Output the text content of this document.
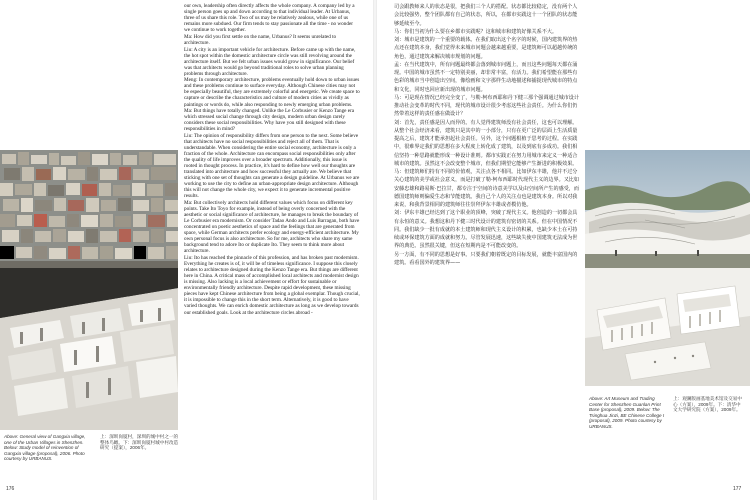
our own, leadership often directly affects the whole company. A company led by a single person goes up and down according to that individual leader. At Urbanus, three of us share this role. Two of us may be relatively zealous, while one of us remains more subdued. Our firm tends to stay passionate all the time - no wonder we continue to work together.

Ma: How did you first settle on the name, Urbanus? It seems unrelated to architecture.

Liu: A city is an important vehicle for architecture. Before came up with the name, the hot spot within the domestic architecture circle was still revolving around the architecture itself. But we felt urban issues would grow in significance. Our belief was that architects would go beyond traditional roles to solve urban planning problems through architecture.

Meng: In contemporary architecture, problems eventually hold down to urban issues and these problems continue to surface everyday. Although Chinese cities may not be especially beautiful, they are extremely colorful and energetic. We create space to capture or describe the characteristics and culture of modern cities as vividly as paintings or words do, while also responding to newly emerging urban problems.

Ma: But things have totally changed. Unlike the Le Corbusier or Kenzo Tange era which stressed social change through city design, modern urban design rarely considers these social responsibilities. Why have you still designed with these responsibilities in mind?

Liu: The opinion of responsibility differs from one person to the next. Some believe that architects have no social responsibilities and reject all of them. That is understandable. When considering the entire social economy, architecture is only a fraction of the whole. Architecture can encompass social responsibilities only after the quality of life improves over a broader spectrum. Additionally, this issue is rooted in thought process. In practice, it's hard to define how well our thoughts are translated into architecture and how successful they actually are. We believe that sticking with one set of thoughts can generate a design guideline. At Urbanus we are working to use the city to define an urban-appropriate design architecture. Although this will not change the whole city, we expect it to generate incremental positive results.

Ma: But collectively architects hold different values which focus on different key points. Take Ito Toyo for example, instead of being overly concerned with the aesthetic or social significance of architecture, he manages to break the boundary of Le Corbusier era modernism. Or consider Tadao Ando and Luis Barragan, both have concentrated on poetic aesthetics of space and the feelings that are generated from space, while German architects prefer ecology and energy-efficient architecture. My own personal focus is also architecture. So for me, architects who share my same background tend to adore Ito or duplicate Ito. They seem to think more about architecture.

Liu: Ito has reached the pinnacle of this profession, and has broken past modernism. Everything he creates is of, it will be of timeless significance. I suppose this closely relates to architecture designed during the Kenzo Tange era. But things are different here in China. A critical mass of accomplished local architects and modernist design is missing. Also lacking is a local achievement or effort for sustainable or environmentally friendly architecture. Despite rapid development, these missing pieces have kept Chinese architecture from being a global exemplar. Though crucial, it is impossible to change this in the short term. Alternatively, it is good to have varied thoughts. We can enrich domestic architecture as long as we develop towards our established goals. Look at the architecture circles abroad -

Above: General view of Gangxia village, one of the Urban Villages in Shenzhen. Below: Study model of reinvention of Gangxia village (proposal), 2006. Photo courtesy by URBANUS.
上：深圳岗厦村，深圳的城中村之一的整体鸟瞰。下：深圳岗厦村城中村改造研究（提案），2006年。
176

司会跟教师来人的状态是很，把我们三个人的搭配。状态都比较稳定，没有两个人会比较强势，整个团队都有自己的状态，所以，在都市实践这十一个团队的状态能够延续至今。

马：你们当初为什么要在乡都市实践呢？这和城市和建筑好像关系不大。

刘：城市是建筑的一个重要的载体。在我们取出这个名字的时候，国内建筑界的热点还在建筑本身，我们觉得未来城市问题会越来越重要，是建筑师可以超越传统的角色，通过建筑来解决城市规划的问题。

孟：在当代建筑中，所有问题最终都会落到城市问题上，而且这些问题每天都在涌现。中国的城市虽然不一定特别美丽，却非常丰富，有活力。我们希望能在那些有色彩的城市当中创造出空间，像绘画和文字那样生动地描述和捕捉现代城市的特点和文化，同时也回应新出现的城市问题。

马：可是现在情况已经完全变了，与勒·柯布西耶和丹下健三那个强调通过城市设计推动社会变革的时代不同，现代的城市设计很少考虑这些社会责任。为什么你们仍然带着这样的责任感在做设计？

刘：首先，责任感是因人而异的。有人觉得建筑师没有社会责任，这也可以理解。从整个社会经济来看，建筑只是其中的一小部分，只有在更广泛的层面上生活质量提高之后，建筑才能承担起社会责任。另外，这个问题根植于思考的过程。在实践中，很难界定我们的思想在多大程度上转化成了建筑，以及到底有多成功。我们相信坚持一种思路就能形成一种设计准则。都市实践正在努力用城市来定义一种适合城市的建筑。虽然这不会改变整个城市，但我们期望它能够产生渐进的积极效果。

马：但建筑师们持有不同的价值观，关注点各不相同。比如伊东丰雄，他并不过分关心建筑的美学或社会意义，而是打破了勒·柯布西耶时代现代主义的边界。又比如安藤忠雄和路易斯·巴拉甘，都专注于空间的诗意美学以及由空间所产生的感受，而德国建筑师则偏爱生态和节能建筑。我自己个人的关注点也是建筑本身。所以对我来说，和我背景相同的建筑师往往崇拜伊东丰雄或者模仿他。

刘：伊东丰雄已经达到了这个职业的顶峰，突破了现代主义。他创造的一切都会具有永恒的意义。我想这和丹下健三时代设计的建筑有密切的关系。但在中国情况不同。我们缺少一批有成就的本土建筑师和现代主义设计的积累，也缺少本土在可持续或环保建筑方面的成就和努力。尽管发展迅速，这些缺失使中国建筑无法成为世界的典范。虽然很关键，但这在短期内是不可能改变的。

另一方面，有不同的思想是好事。只要我们朝着既定的目标发展，就能丰富国内的建筑。看看国外的建筑界——

Above: Art Museum and Trading Center for Shenzhen Guanlan Print Base (proposal), 2009. Below: The Tsinghua Jinzi, BE Chinese College I (proposal), 2009. Photo courtesy by URBANUS.
上：观澜版画基地美术馆及交易中心（方案），2009年。下：清华中文大学研究院（方案），2009年。
177
